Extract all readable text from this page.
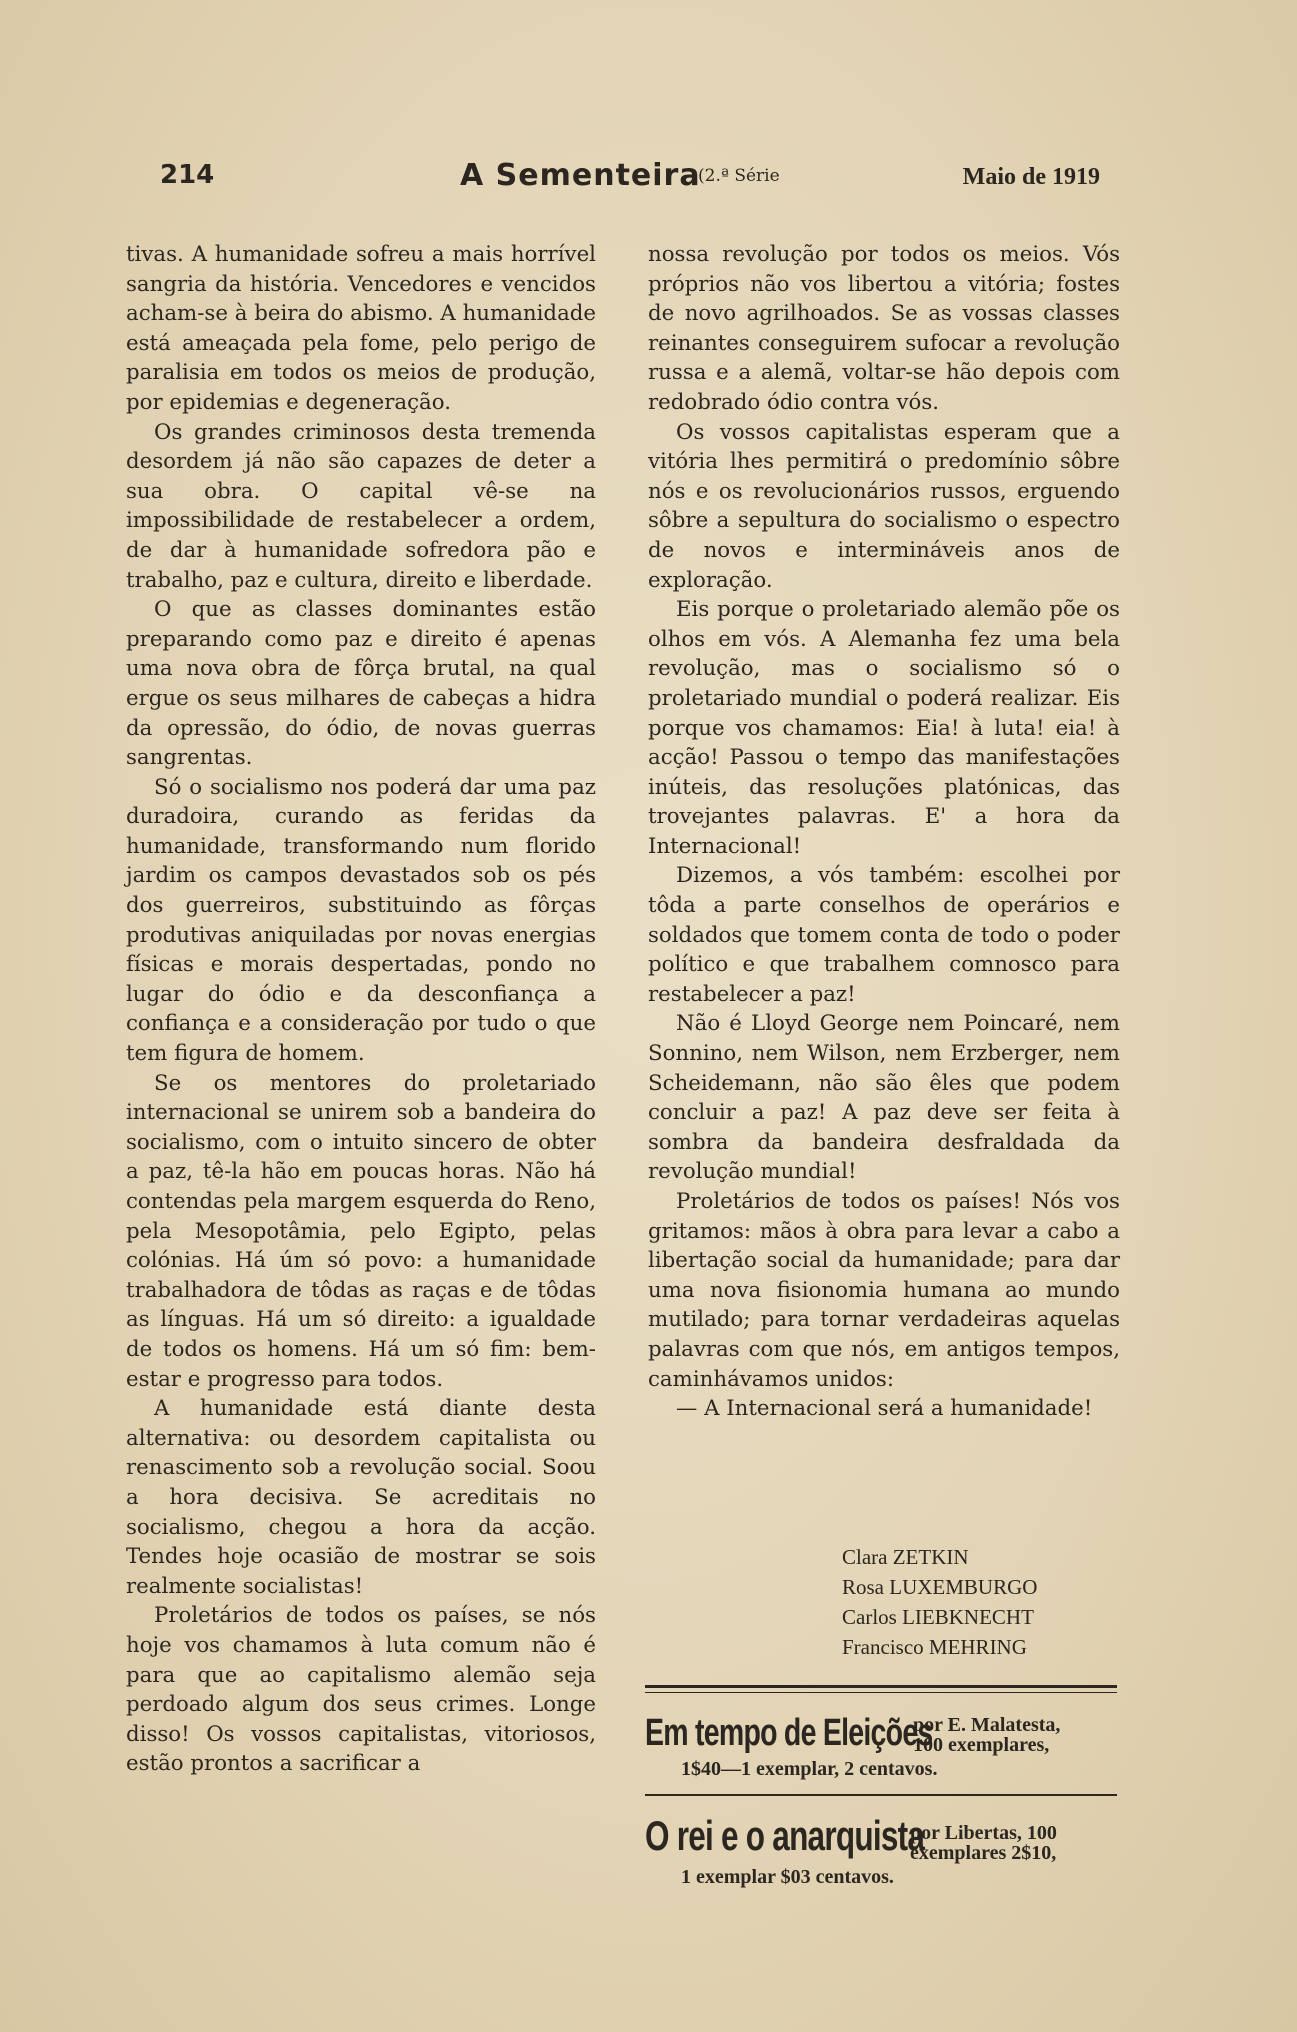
214	A Sementeira
(2.ª Série	Maio de 1919

tivas. A humanidade sofreu a mais horrível sangria da história. Vencedores e vencidos acham-se à beira do abismo. A humanidade está ameaçada pela fome, pelo perigo de paralisia em todos os meios de produção, por epidemias e degeneração.

Os grandes criminosos desta tremenda desordem já não são capazes de deter a sua obra. O capital vê-se na impossibilidade de restabelecer a ordem, de dar à humanidade sofredora pão e trabalho, paz e cultura, direito e liberdade.

O que as classes dominantes estão preparando como paz e direito é apenas uma nova obra de fôrça brutal, na qual ergue os seus milhares de cabeças a hidra da opressão, do ódio, de novas guerras sangrentas.

Só o socialismo nos poderá dar uma paz duradoira, curando as feridas da humanidade, transformando num florido jardim os campos devastados sob os pés dos guerreiros, substituindo as fôrças produtivas aniquiladas por novas energias físicas e morais despertadas, pondo no lugar do ódio e da desconfiança a confiança e a consideração por tudo o que tem figura de homem.

Se os mentores do proletariado internacional se unirem sob a bandeira do socialismo, com o intuito sincero de obter a paz, tê-la hão em poucas horas. Não há contendas pela margem esquerda do Reno, pela Mesopotâmia, pelo Egipto, pelas colónias. Há úm só povo: a humanidade trabalhadora de tôdas as raças e de tôdas as línguas. Há um só direito: a igualdade de todos os homens. Há um só fim: bem-estar e progresso para todos.

A humanidade está diante desta alternativa: ou desordem capitalista ou renascimento sob a revolução social. Soou a hora decisiva. Se acreditais no socialismo, chegou a hora da acção. Tendes hoje ocasião de mostrar se sois realmente socialistas!

Proletários de todos os países, se nós hoje vos chamamos à luta comum não é para que ao capitalismo alemão seja perdoado algum dos seus crimes. Longe disso! Os vossos capitalistas, vitoriosos, estão prontos a sacrificar a

nossa revolução por todos os meios. Vós próprios não vos libertou a vitória; fostes de novo agrilhoados. Se as vossas classes reinantes conseguirem sufocar a revolução russa e a alemã, voltar-se hão depois com redobrado ódio contra vós.

Os vossos capitalistas esperam que a vitória lhes permitirá o predomínio sôbre nós e os revolucionários russos, erguendo sôbre a sepultura do socialismo o espectro de novos e intermináveis anos de exploração.

Eis porque o proletariado alemão põe os olhos em vós. A Alemanha fez uma bela revolução, mas o socialismo só o proletariado mundial o poderá realizar. Eis porque vos chamamos: Eia! à luta! eia! à acção! Passou o tempo das manifestações inúteis, das resoluções platónicas, das trovejantes palavras. E' a hora da Internacional!

Dizemos, a vós também: escolhei por tôda a parte conselhos de operários e soldados que tomem conta de todo o poder político e que trabalhem comnosco para restabelecer a paz!

Não é Lloyd George nem Poincaré, nem Sonnino, nem Wilson, nem Erzberger, nem Scheidemann, não são êles que podem concluir a paz! A paz deve ser feita à sombra da bandeira desfraldada da revolução mundial!

Proletários de todos os países! Nós vos gritamos: mãos à obra para levar a cabo a libertação social da humanidade; para dar uma nova fisionomia humana ao mundo mutilado; para tornar verdadeiras aquelas palavras com que nós, em antigos tempos, caminhávamos unidos:

— A Internacional será a humanidade!

Clara ZETKIN
Rosa LUXEMBURGO
Carlos LIEBKNECHT
Francisco MEHRING
Em tempo de Eleições
por E. Malatesta,
100 exemplares,
1$40—1 exemplar, 2 centavos.
O rei e o anarquista
por Libertas, 100
exemplares 2$10,
1 exemplar $03 centavos.
